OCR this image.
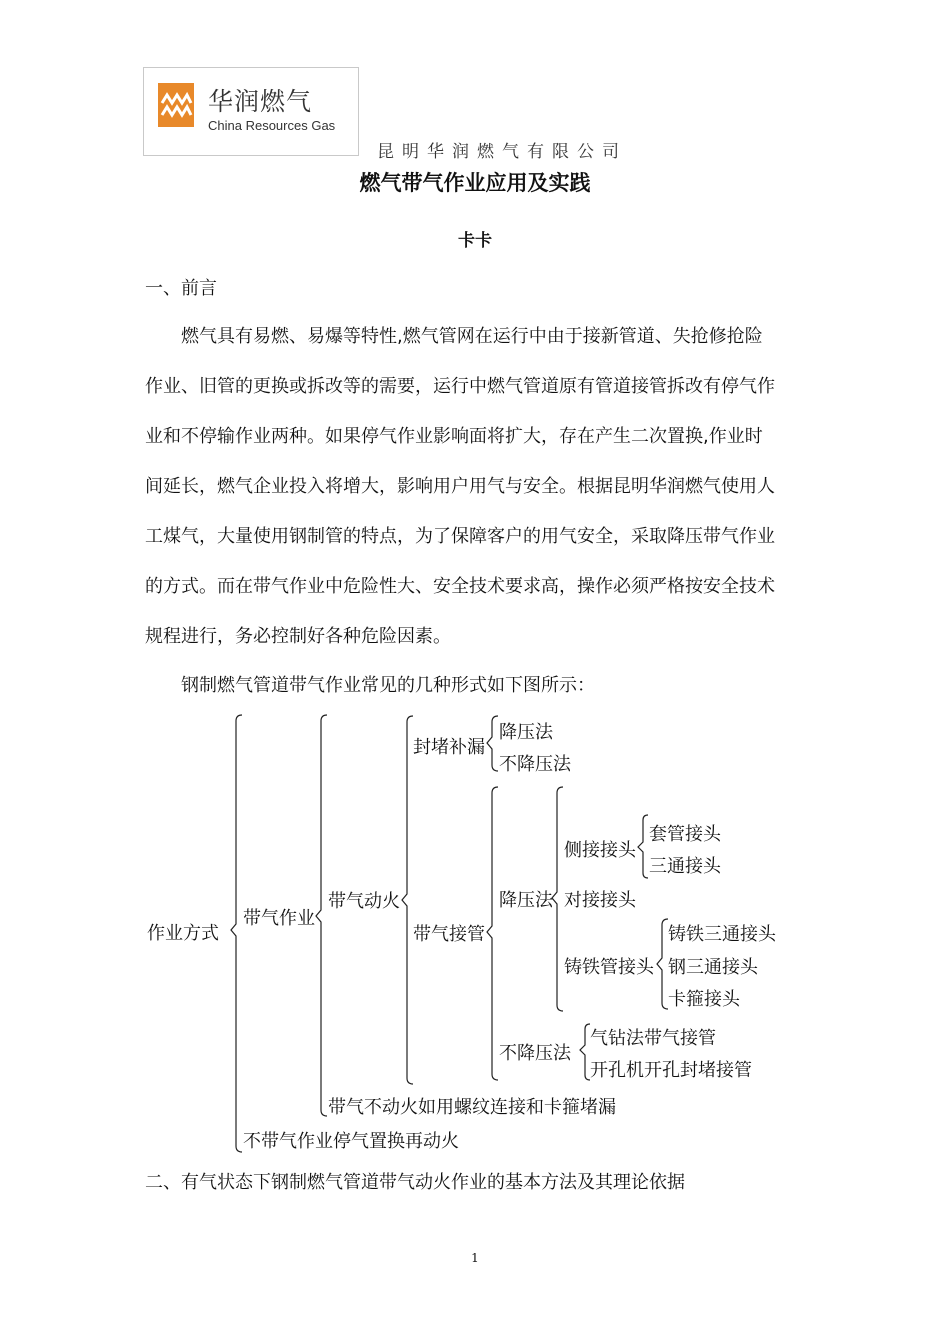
华润燃气
China Resources Gas
昆明华润燃气有限公司
燃气带气作业应用及实践
卡卡
一、前言
燃气具有易燃、易爆等特性,燃气管网在运行中由于接新管道、失抢修抢险
作业、旧管的更换或拆改等的需要，运行中燃气管道原有管道接管拆改有停气作
业和不停输作业两种。如果停气作业影响面将扩大，存在产生二次置换,作业时
间延长，燃气企业投入将增大，影响用户用气与安全。根据昆明华润燃气使用人
工煤气，大量使用钢制管的特点，为了保障客户的用气安全，采取降压带气作业
的方式。而在带气作业中危险性大、安全技术要求高，操作必须严格按安全技术
规程进行，务必控制好各种危险因素。
钢制燃气管道带气作业常见的几种形式如下图所示：
作业方式
带气作业
不带气作业停气置换再动火
带气动火
带气不动火如用螺纹连接和卡箍堵漏
封堵补漏
带气接管
降压法
不降压法
降压法
不降压法
侧接接头
对接接头
铸铁管接头
套管接头
三通接头
铸铁三通接头
钢三通接头
卡箍接头
气钻法带气接管
开孔机开孔封堵接管
二、有气状态下钢制燃气管道带气动火作业的基本方法及其理论依据
1
